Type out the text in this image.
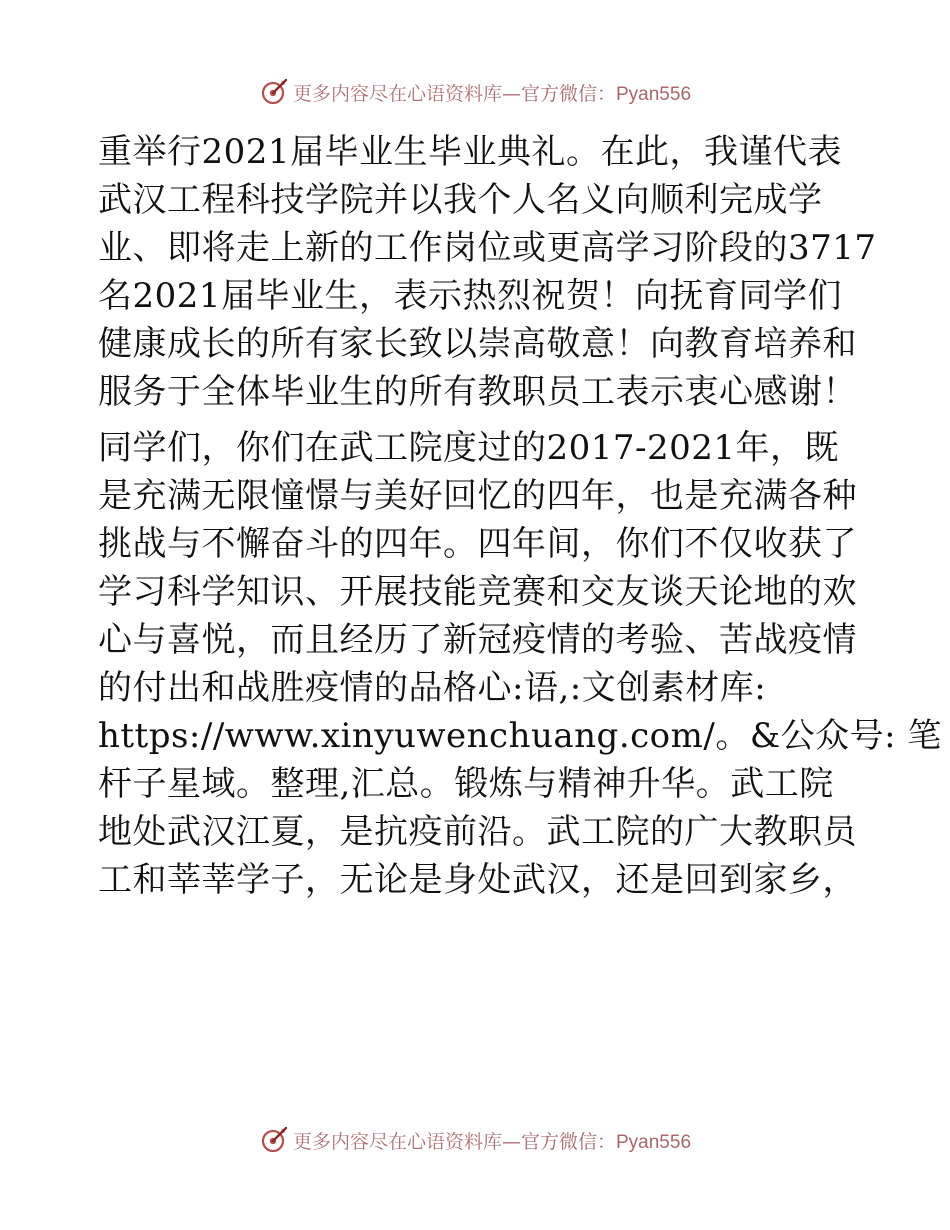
更多内容尽在心语资料库—官方微信：Pyan556
重举行2021届毕业生毕业典礼。在此，我谨代表
武汉工程科技学院并以我个人名义向顺利完成学
业、即将走上新的工作岗位或更高学习阶段的3717
名2021届毕业生，表示热烈祝贺！向抚育同学们
健康成长的所有家长致以崇高敬意！向教育培养和
服务于全体毕业生的所有教职员工表示衷心感谢！
同学们，你们在武工院度过的2017-2021年，既
是充满无限憧憬与美好回忆的四年，也是充满各种
挑战与不懈奋斗的四年。四年间，你们不仅收获了
学习科学知识、开展技能竞赛和交友谈天论地的欢
心与喜悦，而且经历了新冠疫情的考验、苦战疫情
的付出和战胜疫情的品格心:语,:文创素材库:
https://www.xinyuwenchuang.com/。&公众号: 笔
杆子星域。整理,汇总。锻炼与精神升华。武工院
地处武汉江夏，是抗疫前沿。武工院的广大教职员
工和莘莘学子，无论是身处武汉，还是回到家乡，
更多内容尽在心语资料库—官方微信：Pyan556
